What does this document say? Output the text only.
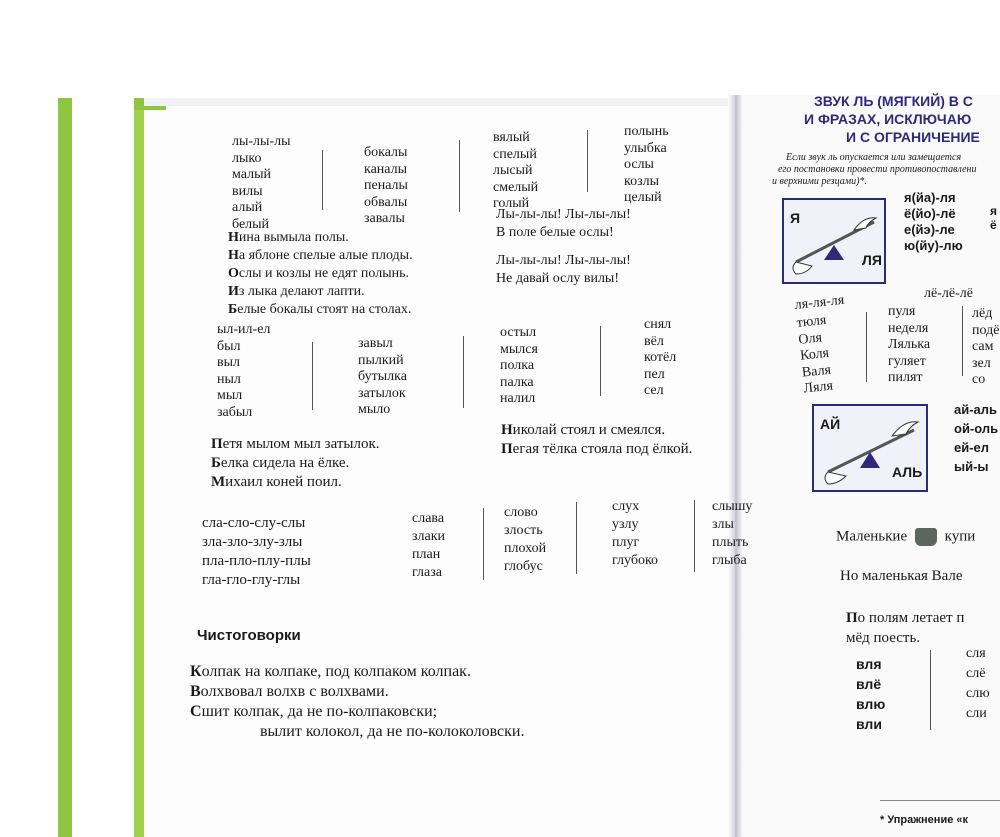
лы-лы-лы
лыко
малый
вилы
алый
белый
бокалы
каналы
пеналы
обвалы
завалы
вялый
спелый
лысый
смелый
голый
полынь
улыбка
ослы
козлы
целый
Нина вымыла полы.
На яблоне спелые алые плоды.
Ослы и козлы не едят полынь.
Из лыка делают лапти.
Белые бокалы стоят на столах.
Лы-лы-лы! Лы-лы-лы!
В поле белые ослы!
Лы-лы-лы! Лы-лы-лы!
Не давай ослу вилы!
ыл-ил-ел
был
выл
ныл
мыл
забыл
завыл
пылкий
бутылка
затылок
мыло
остыл
мылся
полка
палка
налил
снял
вёл
котёл
пел
сел
Петя мылом мыл затылок.
Белка сидела на ёлке.
Михаил коней поил.
Николай стоял и смеялся.
Пегая тёлка стояла под ёлкой.
сла-сло-слу-слы
зла-зло-злу-злы
пла-пло-плу-плы
гла-гло-глу-глы
слава
злаки
план
глаза
слово
злость
плохой
глобус
слух
узлу
плуг
глубоко
слышу
злы
плыть
глыба
Чистоговорки
Колпак на колпаке, под колпаком колпак.
Волхвовал волхв с волхвами.
Сшит колпак, да не по-колпаковски;
вылит колокол, да не по-колоколовски.
ЗВУК ЛЬ (МЯГКИЙ) В С
И ФРАЗАХ, ИСКЛЮЧАЮ
И С ОГРАНИЧЕНИЕ
Если звук ль опускается или замещается
его постановки провести противопоставлени
и верхними резцами)*.
Я
ЛЯ
я(йа)-ля
ё(йо)-лё
е(йэ)-ле
ю(йу)-лю
я
ё
лё-лё-лё
ля-ля-ля
тюля
Оля
Коля
Валя
Ляля
пуля
неделя
Лялька
гуляет
пилят
лёд
подё
сам
зел
со
АЙ
АЛЬ
ай-аль
ой-оль
ей-ел
ый-ы
Маленькие	купи
Но маленькая Вале
По полям летает п
мёд поесть.
вля
влё
влю
вли
сля
слё
слю
сли
* Упражнение «к
